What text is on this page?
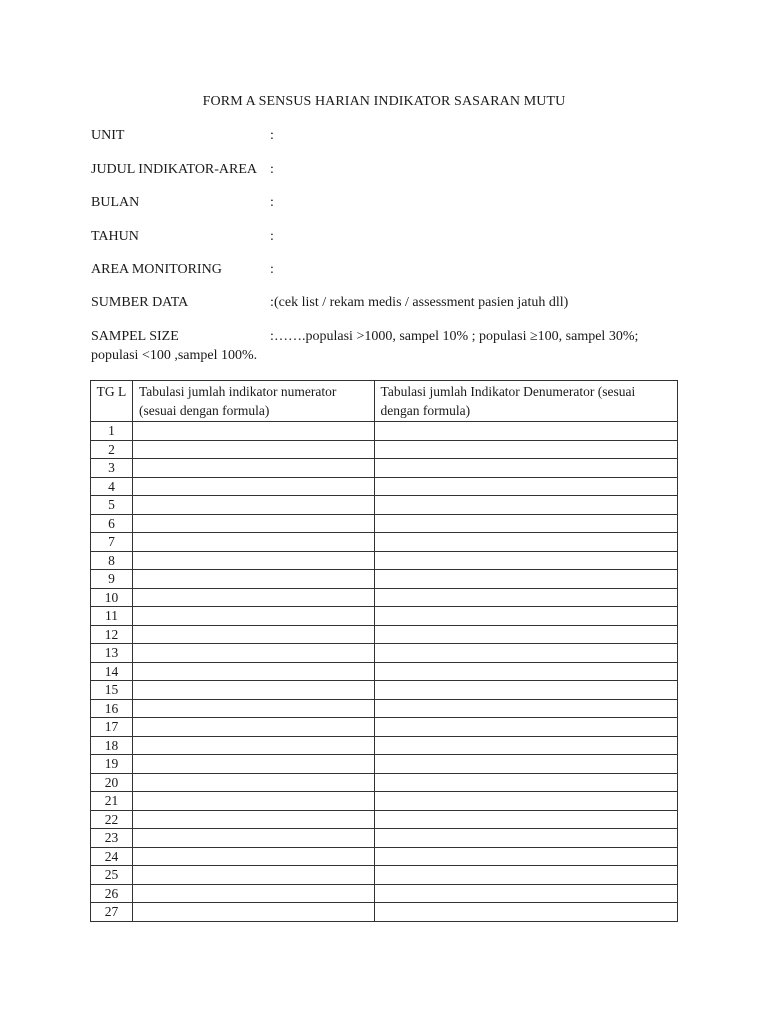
FORM A SENSUS HARIAN INDIKATOR SASARAN MUTU
UNIT	:
JUDUL INDIKATOR-AREA :
BULAN	:
TAHUN	:
AREA MONITORING	:
SUMBER DATA	: (cek list / rekam medis / assessment pasien jatuh dll)
SAMPEL SIZE	: …….populasi >1000, sampel 10% ; populasi ≥100, sampel 30%;
populasi <100 ,sampel 100%.
TG L	Tabulasi jumlah indikator numerator (sesuai dengan formula)	Tabulasi jumlah Indikator Denumerator (sesuai dengan formula)
1		
2		
3		
4		
5		
6		
7		
8		
9		
10		
11		
12		
13		
14		
15		
16		
17		
18		
19		
20		
21		
22		
23		
24		
25		
26		
27		
